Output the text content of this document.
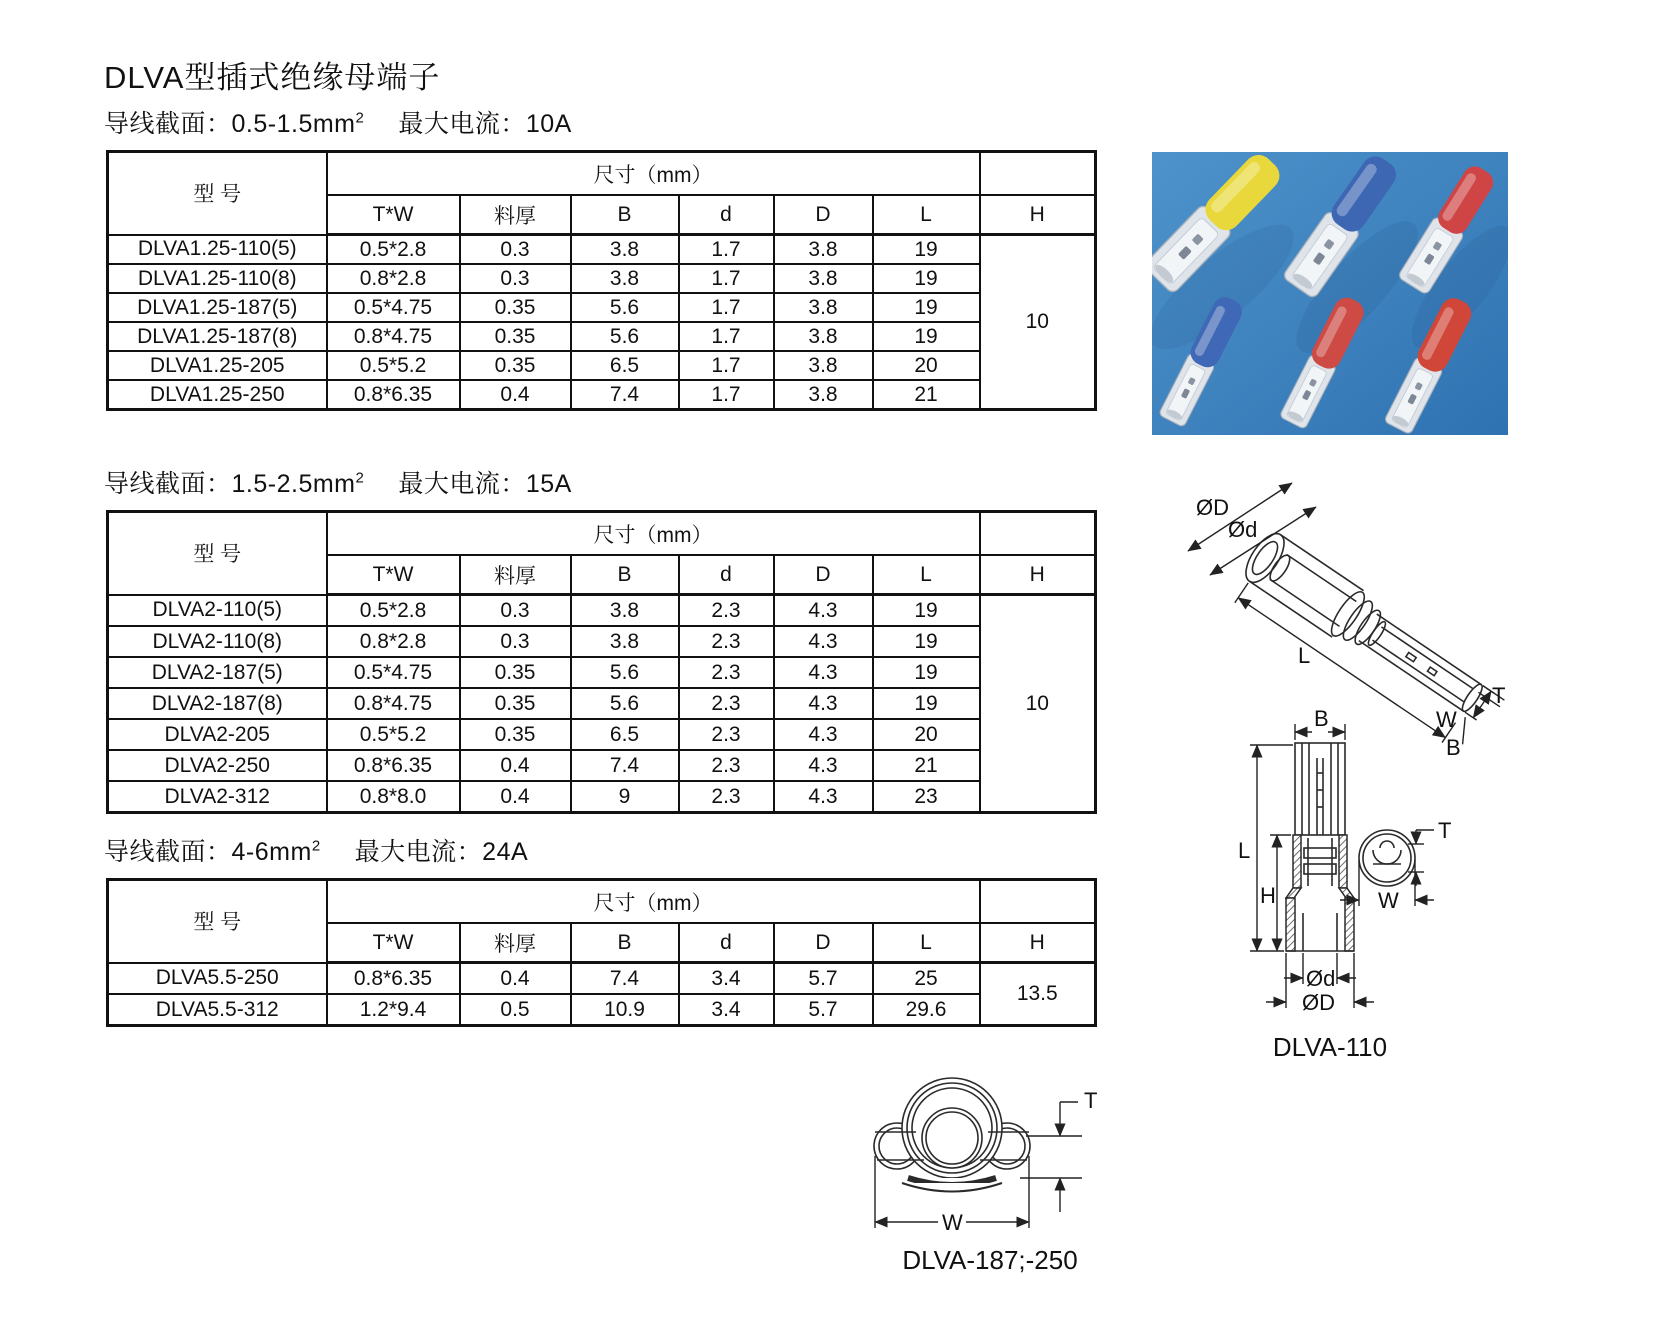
DLVA型插式绝缘母端子
导线截面：$0.5-1.5mm^2$ 最大电流：10A
型 号	尺寸（mm）						
	T*W	料厚	B	d	D	L	H
DLVA1.25-110(5)	0.5*2.8	0.3	3.8	1.7	3.8	19	10
DLVA1.25-110(8)	0.8*2.8	0.3	3.8	1.7	3.8	19	
DLVA1.25-187(5)	0.5*4.75	0.35	5.6	1.7	3.8	19	
DLVA1.25-187(8)	0.8*4.75	0.35	5.6	1.7	3.8	19	
DLVA1.25-205	0.5*5.2	0.35	6.5	1.7	3.8	20	
DLVA1.25-250	0.8*6.35	0.4	7.4	1.7	3.8	21	
导线截面：$1.5-2.5mm^2$ 最大电流：15A
型 号	尺寸（mm）						
	T*W	料厚	B	d	D	L	H
DLVA2-110(5)	0.5*2.8	0.3	3.8	2.3	4.3	19	10
DLVA2-110(8)	0.8*2.8	0.3	3.8	2.3	4.3	19	
DLVA2-187(5)	0.5*4.75	0.35	5.6	2.3	4.3	19	
DLVA2-187(8)	0.8*4.75	0.35	5.6	2.3	4.3	19	
DLVA2-205	0.5*5.2	0.35	6.5	2.3	4.3	20	
DLVA2-250	0.8*6.35	0.4	7.4	2.3	4.3	21	
DLVA2-312	0.8*8.0	0.4	9	2.3	4.3	23	
导线截面：$4-6mm^2$ 最大电流：24A
型 号	尺寸（mm）						
	T*W	料厚	B	d	D	L	H
DLVA5.5-250	0.8*6.35	0.4	7.4	3.4	5.7	25	13.5
DLVA5.5-312	1.2*9.4	0.5	10.9	3.4	5.7	29.6	
ØD
Ød
L
T
W
B
B
L
H
Ød
ØD
T
W
DLVA-110
T
W
DLVA-187;-250
